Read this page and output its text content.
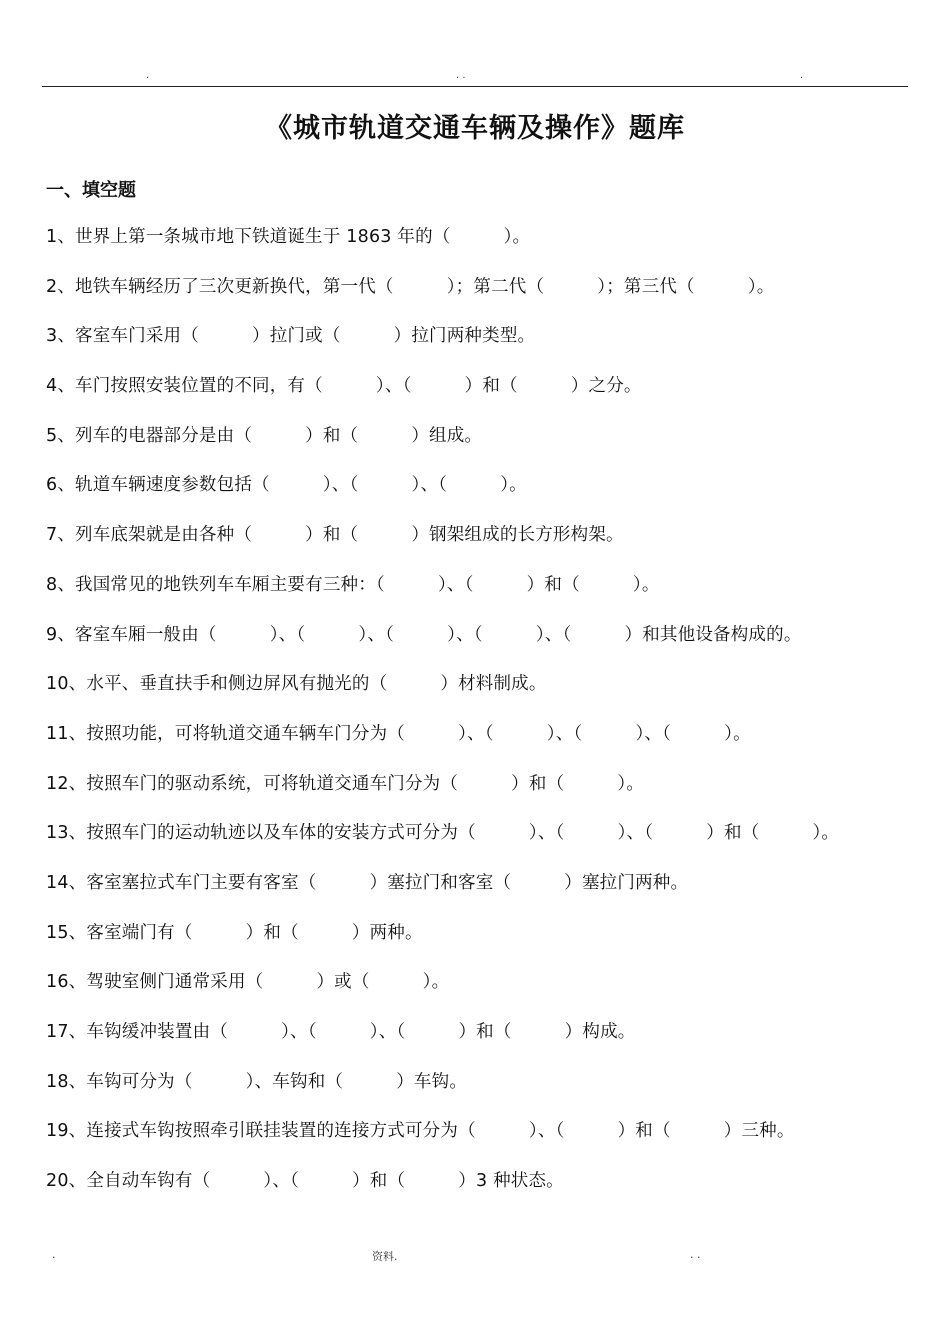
.	. .	.
《城市轨道交通车辆及操作》题库
一、填空题
1、世界上第一条城市地下铁道诞生于 1863 年的（　　　）。
2、地铁车辆经历了三次更新换代，第一代（　　　）；第二代（　　　）；第三代（　　　）。
3、客室车门采用（　　　）拉门或（　　　）拉门两种类型。
4、车门按照安装位置的不同，有（　　　）、（　　　）和（　　　）之分。
5、列车的电器部分是由（　　　）和（　　　）组成。
6、轨道车辆速度参数包括（　　　）、（　　　）、（　　　）。
7、列车底架就是由各种（　　　）和（　　　）钢架组成的长方形构架。
8、我国常见的地铁列车车厢主要有三种：（　　　）、（　　　）和（　　　）。
9、客室车厢一般由（　　　）、（　　　）、（　　　）、（　　　）、（　　　）和其他设备构成的。
10、水平、垂直扶手和侧边屏风有抛光的（　　　）材料制成。
11、按照功能，可将轨道交通车辆车门分为（　　　）、（　　　）、（　　　）、（　　　）。
12、按照车门的驱动系统，可将轨道交通车门分为（　　　）和（　　　）。
13、按照车门的运动轨迹以及车体的安装方式可分为（　　　）、（　　　）、（　　　）和（　　　）。
14、客室塞拉式车门主要有客室（　　　）塞拉门和客室（　　　）塞拉门两种。
15、客室端门有（　　　）和（　　　）两种。
16、驾驶室侧门通常采用（　　　）或（　　　）。
17、车钩缓冲装置由（　　　）、（　　　）、（　　　）和（　　　）构成。
18、车钩可分为（　　　）、车钩和（　　　）车钩。
19、连接式车钩按照牵引联挂装置的连接方式可分为（　　　）、（　　　）和（　　　）三种。
20、全自动车钩有（　　　）、（　　　）和（　　　）3 种状态。
.	资料.	. .
